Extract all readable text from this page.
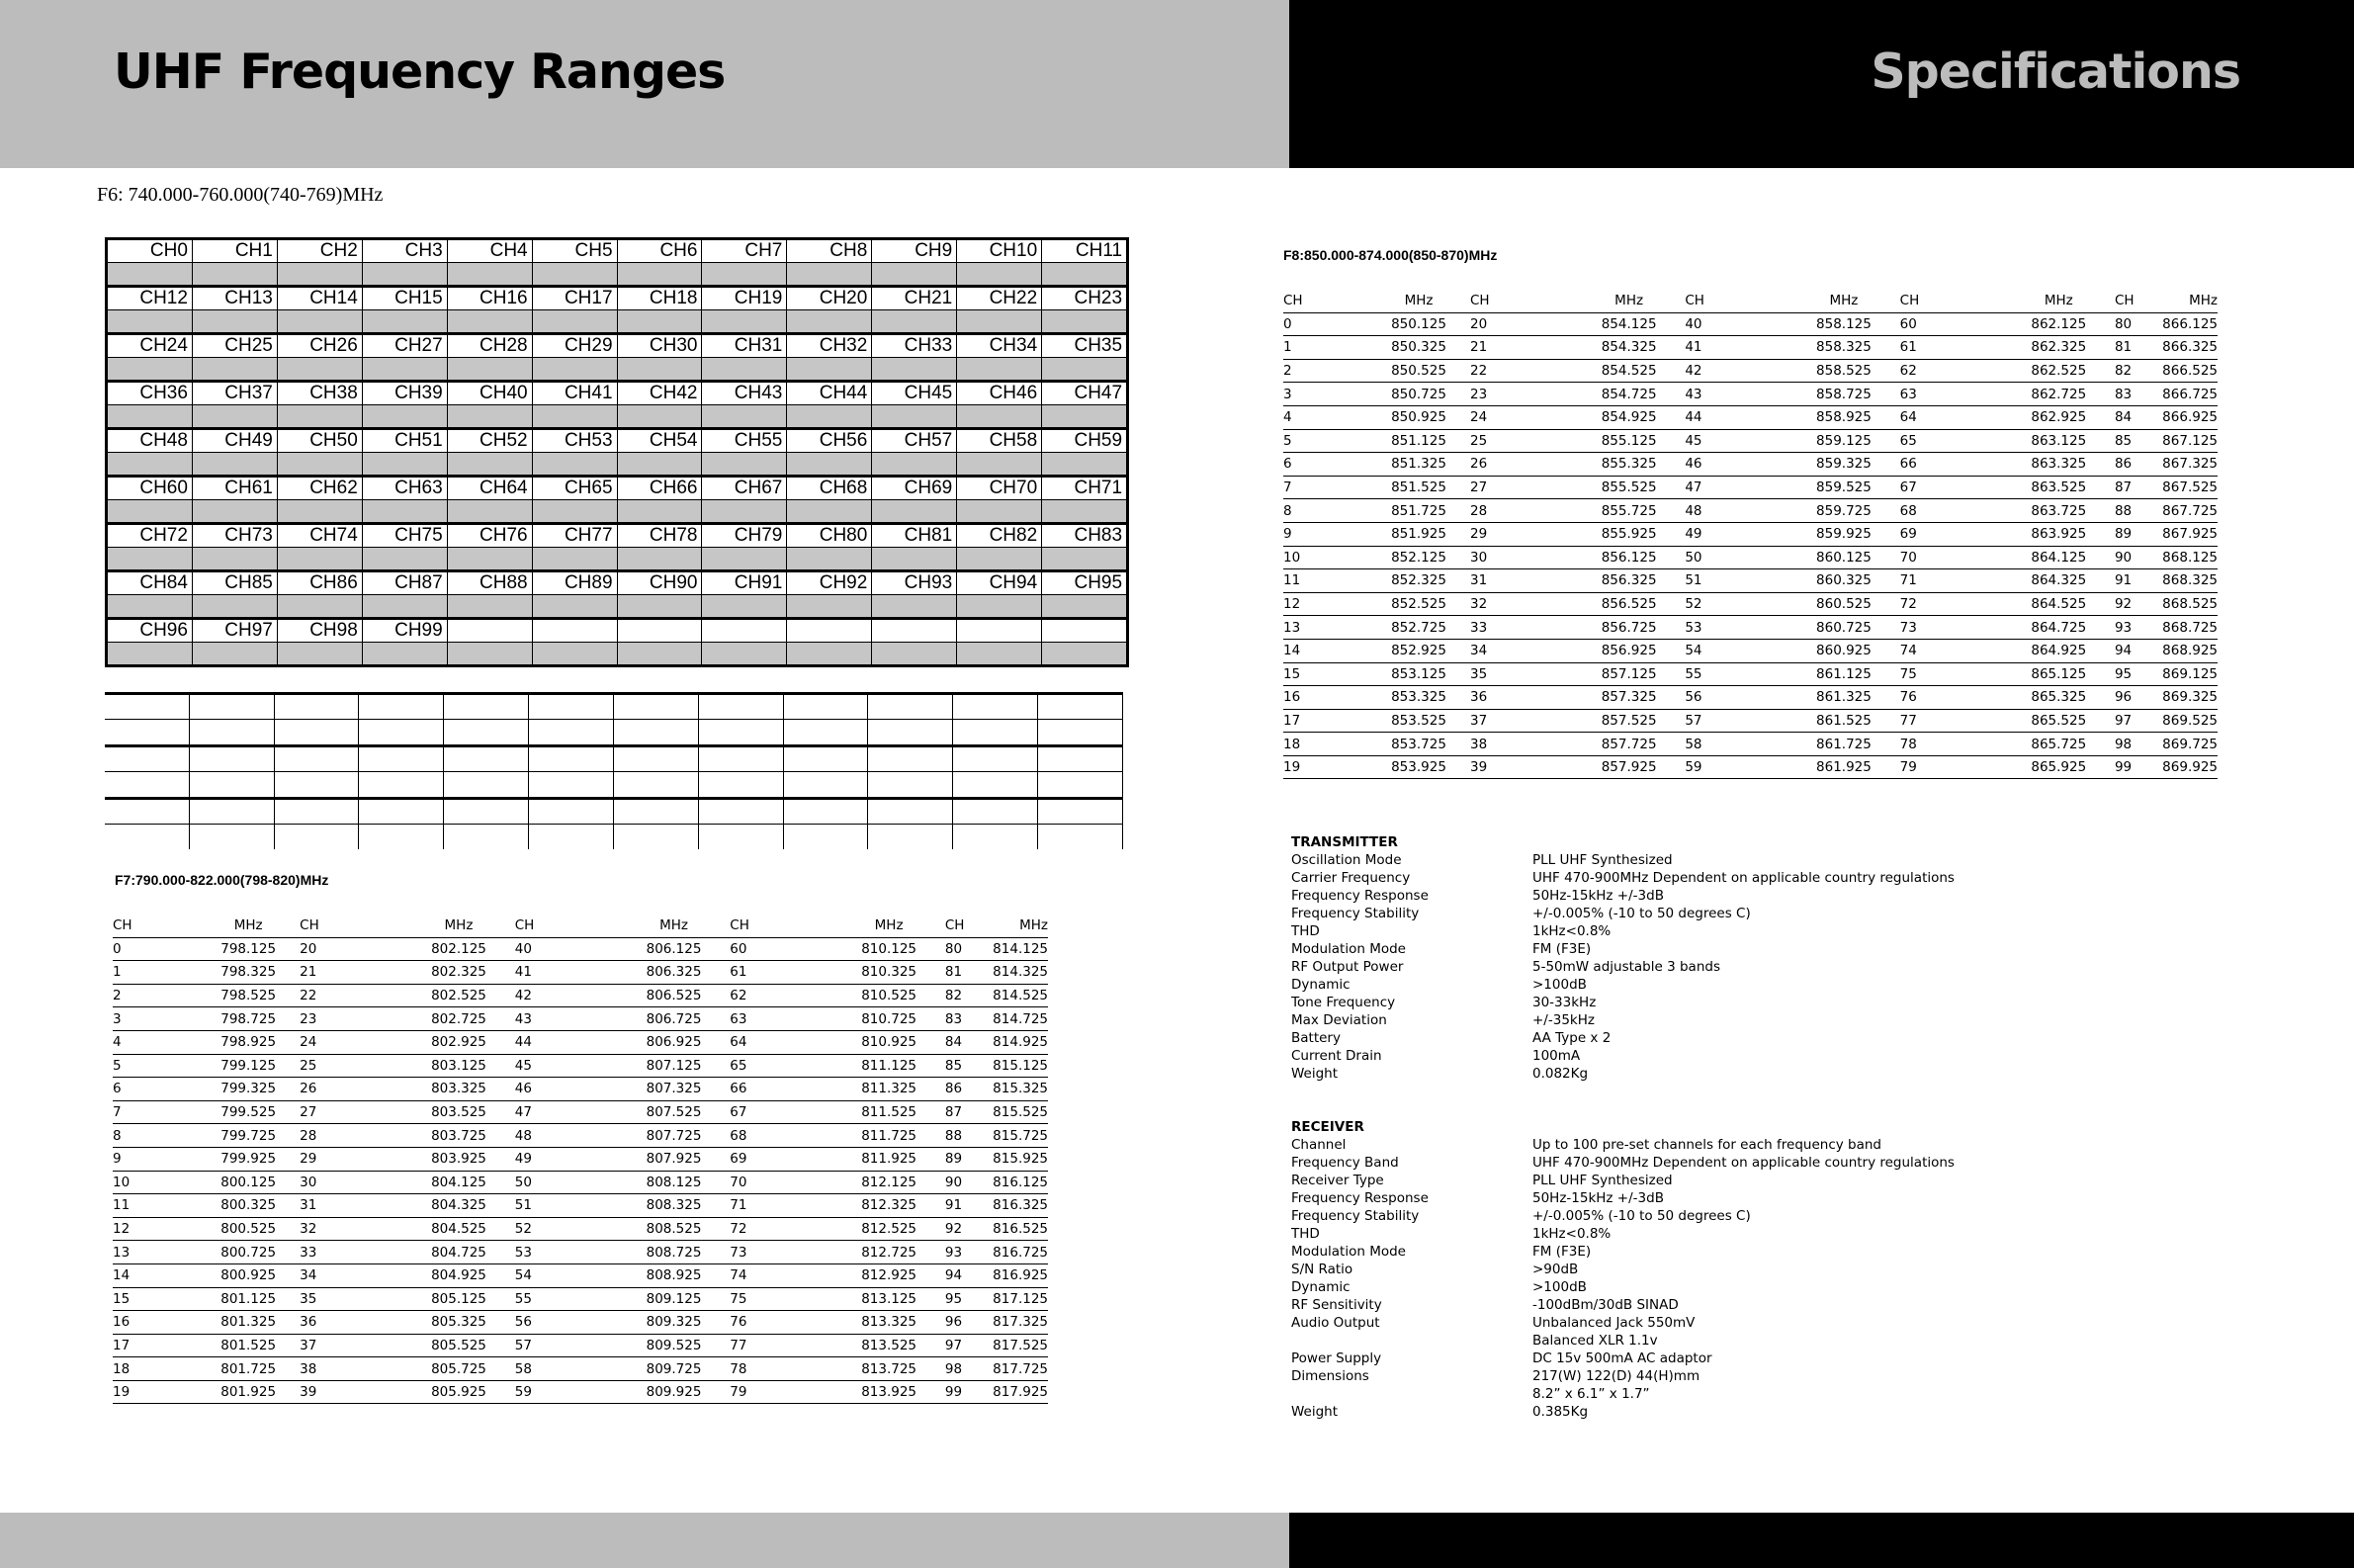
UHF Frequency Ranges	Specifications
F6: 740.000-760.000(740-769)MHz
CH0	CH1	CH2	CH3	CH4	CH5	CH6	CH7	CH8	CH9	CH10	CH11
CH12	CH13	CH14	CH15	CH16	CH17	CH18	CH19	CH20	CH21	CH22	CH23
CH24	CH25	CH26	CH27	CH28	CH29	CH30	CH31	CH32	CH33	CH34	CH35
CH36	CH37	CH38	CH39	CH40	CH41	CH42	CH43	CH44	CH45	CH46	CH47
CH48	CH49	CH50	CH51	CH52	CH53	CH54	CH55	CH56	CH57	CH58	CH59
CH60	CH61	CH62	CH63	CH64	CH65	CH66	CH67	CH68	CH69	CH70	CH71
CH72	CH73	CH74	CH75	CH76	CH77	CH78	CH79	CH80	CH81	CH82	CH83
CH84	CH85	CH86	CH87	CH88	CH89	CH90	CH91	CH92	CH93	CH94	CH95
CH96	CH97	CH98	CH99
F7:790.000-822.000(798-820)MHz
CH	MHz	CH	MHz	CH	MHz	CH	MHz	CH	MHz
0	798.125	20	802.125	40	806.125	60	810.125	80	814.125
1	798.325	21	802.325	41	806.325	61	810.325	81	814.325
2	798.525	22	802.525	42	806.525	62	810.525	82	814.525
3	798.725	23	802.725	43	806.725	63	810.725	83	814.725
4	798.925	24	802.925	44	806.925	64	810.925	84	814.925
5	799.125	25	803.125	45	807.125	65	811.125	85	815.125
6	799.325	26	803.325	46	807.325	66	811.325	86	815.325
7	799.525	27	803.525	47	807.525	67	811.525	87	815.525
8	799.725	28	803.725	48	807.725	68	811.725	88	815.725
9	799.925	29	803.925	49	807.925	69	811.925	89	815.925
10	800.125	30	804.125	50	808.125	70	812.125	90	816.125
11	800.325	31	804.325	51	808.325	71	812.325	91	816.325
12	800.525	32	804.525	52	808.525	72	812.525	92	816.525
13	800.725	33	804.725	53	808.725	73	812.725	93	816.725
14	800.925	34	804.925	54	808.925	74	812.925	94	816.925
15	801.125	35	805.125	55	809.125	75	813.125	95	817.125
16	801.325	36	805.325	56	809.325	76	813.325	96	817.325
17	801.525	37	805.525	57	809.525	77	813.525	97	817.525
18	801.725	38	805.725	58	809.725	78	813.725	98	817.725
19	801.925	39	805.925	59	809.925	79	813.925	99	817.925
F8:850.000-874.000(850-870)MHz
CH	MHz	CH	MHz	CH	MHz	CH	MHz	CH	MHz
0	850.125	20	854.125	40	858.125	60	862.125	80	866.125
1	850.325	21	854.325	41	858.325	61	862.325	81	866.325
2	850.525	22	854.525	42	858.525	62	862.525	82	866.525
3	850.725	23	854.725	43	858.725	63	862.725	83	866.725
4	850.925	24	854.925	44	858.925	64	862.925	84	866.925
5	851.125	25	855.125	45	859.125	65	863.125	85	867.125
6	851.325	26	855.325	46	859.325	66	863.325	86	867.325
7	851.525	27	855.525	47	859.525	67	863.525	87	867.525
8	851.725	28	855.725	48	859.725	68	863.725	88	867.725
9	851.925	29	855.925	49	859.925	69	863.925	89	867.925
10	852.125	30	856.125	50	860.125	70	864.125	90	868.125
11	852.325	31	856.325	51	860.325	71	864.325	91	868.325
12	852.525	32	856.525	52	860.525	72	864.525	92	868.525
13	852.725	33	856.725	53	860.725	73	864.725	93	868.725
14	852.925	34	856.925	54	860.925	74	864.925	94	868.925
15	853.125	35	857.125	55	861.125	75	865.125	95	869.125
16	853.325	36	857.325	56	861.325	76	865.325	96	869.325
17	853.525	37	857.525	57	861.525	77	865.525	97	869.525
18	853.725	38	857.725	58	861.725	78	865.725	98	869.725
19	853.925	39	857.925	59	861.925	79	865.925	99	869.925
TRANSMITTER
Oscillation Mode	PLL UHF Synthesized
Carrier Frequency	UHF 470-900MHz Dependent on applicable country regulations
Frequency Response	50Hz-15kHz +/-3dB
Frequency Stability	+/-0.005% (-10 to 50 degrees C)
THD	1kHz<0.8%
Modulation Mode	FM (F3E)
RF Output Power	5-50mW adjustable 3 bands
Dynamic	>100dB
Tone Frequency	30-33kHz
Max Deviation	+/-35kHz
Battery	AA Type x 2
Current Drain	100mA
Weight	0.082Kg
RECEIVER
Channel	Up to 100 pre-set channels for each frequency band
Frequency Band	UHF 470-900MHz Dependent on applicable country regulations
Receiver Type	PLL UHF Synthesized
Frequency Response	50Hz-15kHz +/-3dB
Frequency Stability	+/-0.005% (-10 to 50 degrees C)
THD	1kHz<0.8%
Modulation Mode	FM (F3E)
S/N Ratio	>90dB
Dynamic	>100dB
RF Sensitivity	-100dBm/30dB SINAD
Audio Output	Unbalanced Jack 550mV
Balanced XLR 1.1v
Power Supply	DC 15v 500mA AC adaptor
Dimensions	217(W) 122(D) 44(H)mm
8.2” x 6.1” x 1.7”
Weight	0.385Kg
